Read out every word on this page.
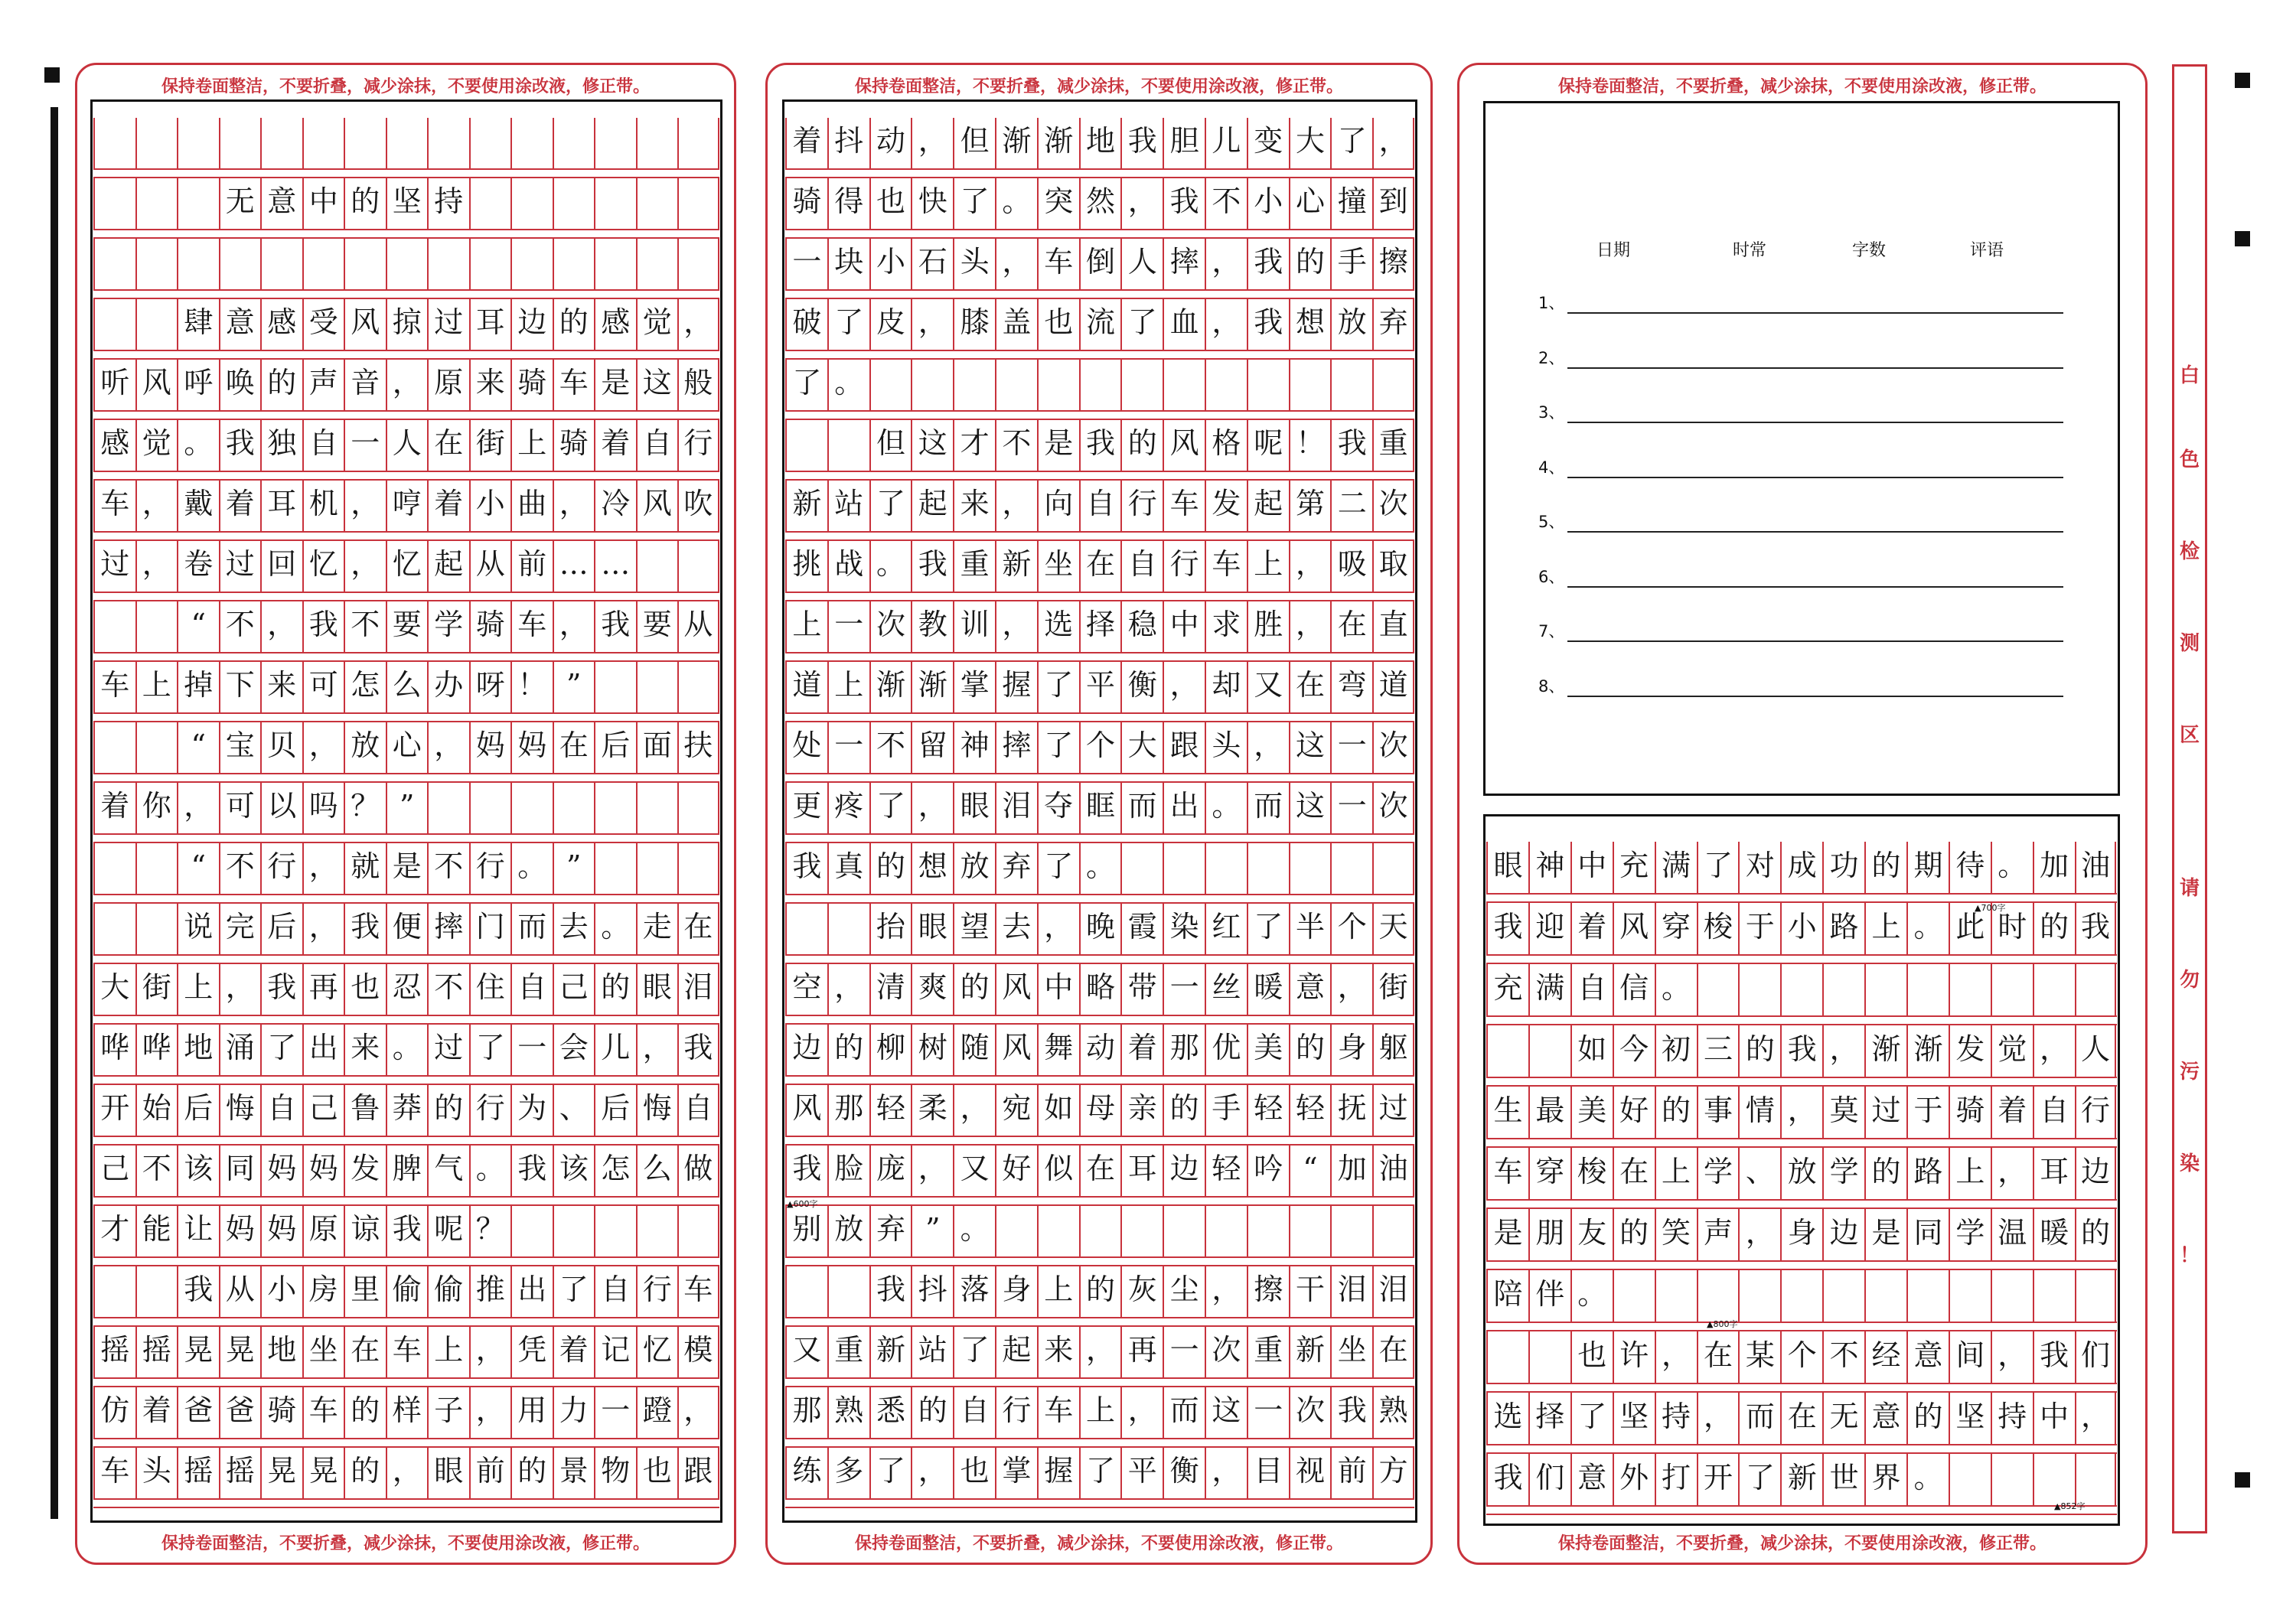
保持卷面整洁，不要折叠，减少涂抹，不要使用涂改液，修正带。
保持卷面整洁，不要折叠，减少涂抹，不要使用涂改液，修正带。
无 意 中 的 坚 持
肆 意 感 受 风 掠 过 耳 边 的 感 觉 ，
听 风 呼 唤 的 声 音 ， 原 来 骑 车 是 这 般
感 觉 。 我 独 自 一 人 在 街 上 骑 着 自 行
车 ， 戴 着 耳 机 ， 哼 着 小 曲 ， 冷 风 吹
过 ， 卷 过 回 忆 ， 忆 起 从 前 … …
“ 不 ， 我 不 要 学 骑 车 ， 我 要 从
车 上 掉 下 来 可 怎 么 办 呀 ！ ”
“ 宝 贝 ， 放 心 ， 妈 妈 在 后 面 扶
着 你 ， 可 以 吗 ？ ”
“ 不 行 ， 就 是 不 行 。 ”
说 完 后 ， 我 便 摔 门 而 去 。 走 在
大 街 上 ， 我 再 也 忍 不 住 自 己 的 眼 泪
哗 哗 地 涌 了 出 来 。 过 了 一 会 儿 ， 我
开 始 后 悔 自 己 鲁 莽 的 行 为 、 后 悔 自
己 不 该 同 妈 妈 发 脾 气 。 我 该 怎 么 做
才 能 让 妈 妈 原 谅 我 呢 ？
我 从 小 房 里 偷 偷 推 出 了 自 行 车
摇 摇 晃 晃 地 坐 在 车 上 ， 凭 着 记 忆 模
仿 着 爸 爸 骑 车 的 样 子 ， 用 力 一 蹬 ，
车 头 摇 摇 晃 晃 的 ， 眼 前 的 景 物 也 跟
保持卷面整洁，不要折叠，减少涂抹，不要使用涂改液，修正带。
保持卷面整洁，不要折叠，减少涂抹，不要使用涂改液，修正带。
着 抖 动 ， 但 渐 渐 地 我 胆 儿 变 大 了 ，
骑 得 也 快 了 。 突 然 ， 我 不 小 心 撞 到
一 块 小 石 头 ， 车 倒 人 摔 ， 我 的 手 擦
破 了 皮 ， 膝 盖 也 流 了 血 ， 我 想 放 弃
了 。
但 这 才 不 是 我 的 风 格 呢 ！ 我 重
新 站 了 起 来 ， 向 自 行 车 发 起 第 二 次
挑 战 。 我 重 新 坐 在 自 行 车 上 ， 吸 取
上 一 次 教 训 ， 选 择 稳 中 求 胜 ， 在 直
道 上 渐 渐 掌 握 了 平 衡 ， 却 又 在 弯 道
处 一 不 留 神 摔 了 个 大 跟 头 ， 这 一 次
更 疼 了 ， 眼 泪 夺 眶 而 出 。 而 这 一 次
我 真 的 想 放 弃 了 。
抬 眼 望 去 ， 晚 霞 染 红 了 半 个 天
空 ， 清 爽 的 风 中 略 带 一 丝 暖 意 ， 街
边 的 柳 树 随 风 舞 动 着 那 优 美 的 身 躯
风 那 轻 柔 ， 宛 如 母 亲 的 手 轻 轻 抚 过
我 脸 庞 ， 又 好 似 在 耳 边 轻 吟 “ 加 油
别 放 弃 ” 。
我 抖 落 身 上 的 灰 尘 ， 擦 干 泪 泪
又 重 新 站 了 起 来 ， 再 一 次 重 新 坐 在
那 熟 悉 的 自 行 车 上 ， 而 这 一 次 我 熟
练 多 了 ， 也 掌 握 了 平 衡 ， 目 视 前 方
▲600字
保持卷面整洁，不要折叠，减少涂抹，不要使用涂改液，修正带。
保持卷面整洁，不要折叠，减少涂抹，不要使用涂改液，修正带。
日期	时常	字数	评语
1、
2、
3、
4、
5、
6、
7、
8、
眼 神 中 充 满 了 对 成 功 的 期 待 。 加 油
我 迎 着 风 穿 梭 于 小 路 上 。 此 时 的 我
充 满 自 信 。
如 今 初 三 的 我 ， 渐 渐 发 觉 ， 人
生 最 美 好 的 事 情 ， 莫 过 于 骑 着 自 行
车 穿 梭 在 上 学 、 放 学 的 路 上 ， 耳 边
是 朋 友 的 笑 声 ， 身 边 是 同 学 温 暖 的
陪 伴 。
也 许 ， 在 某 个 不 经 意 间 ， 我 们
选 择 了 坚 持 ， 而 在 无 意 的 坚 持 中 ，
我 们 意 外 打 开 了 新 世 界 。
▲700字
▲800字
▲852字
白
色
检
测
区
请
勿
污
染
！
